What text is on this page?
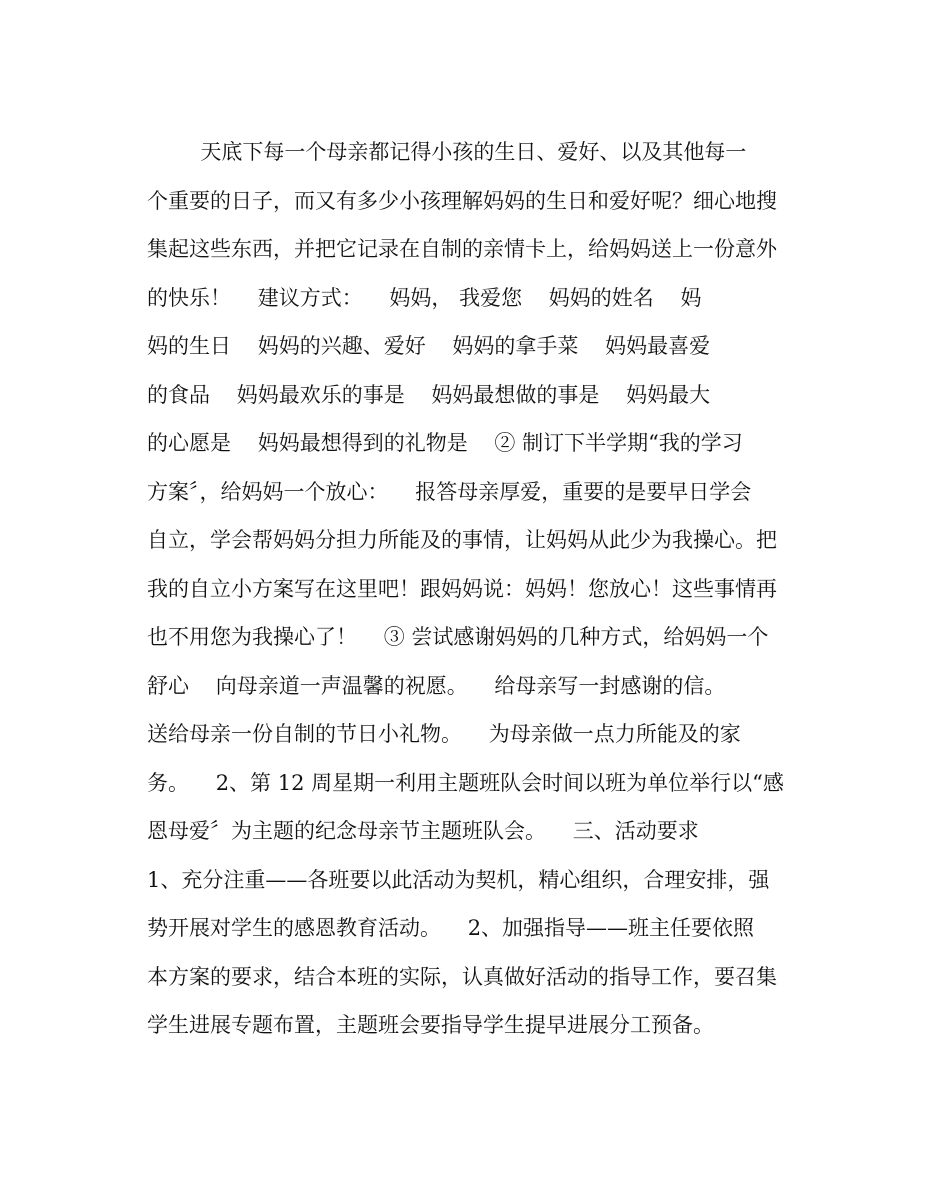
天底下每一个母亲都记得小孩的生日、爱好、以及其他每一
个重要的日子，而又有多少小孩理解妈妈的生日和爱好呢？细心地搜
集起这些东西，并把它记录在自制的亲情卡上，给妈妈送上一份意外
的快乐！    建议方式：    妈妈， 我爱您    妈妈的姓名    妈
妈的生日    妈妈的兴趣、爱好    妈妈的拿手菜    妈妈最喜爱
的食品    妈妈最欢乐的事是    妈妈最想做的事是    妈妈最大
的心愿是    妈妈最想得到的礼物是    ② 制订下半学期“我的学习
方案〞，给妈妈一个放心：    报答母亲厚爱，重要的是要早日学会
自立，学会帮妈妈分担力所能及的事情，让妈妈从此少为我操心。把
我的自立小方案写在这里吧！跟妈妈说：妈妈！您放心！这些事情再
也不用您为我操心了！    ③ 尝试感谢妈妈的几种方式，给妈妈一个
舒心    向母亲道一声温馨的祝愿。    给母亲写一封感谢的信。
送给母亲一份自制的节日小礼物。    为母亲做一点力所能及的家
务。    2、第 12 周星期一利用主题班队会时间以班为单位举行以“感
恩母爱〞为主题的纪念母亲节主题班队会。    三、活动要求
1、充分注重——各班要以此活动为契机，精心组织，合理安排，强
势开展对学生的感恩教育活动。    2、加强指导——班主任要依照
本方案的要求，结合本班的实际，认真做好活动的指导工作，要召集
学生进展专题布置，主题班会要指导学生提早进展分工预备。
